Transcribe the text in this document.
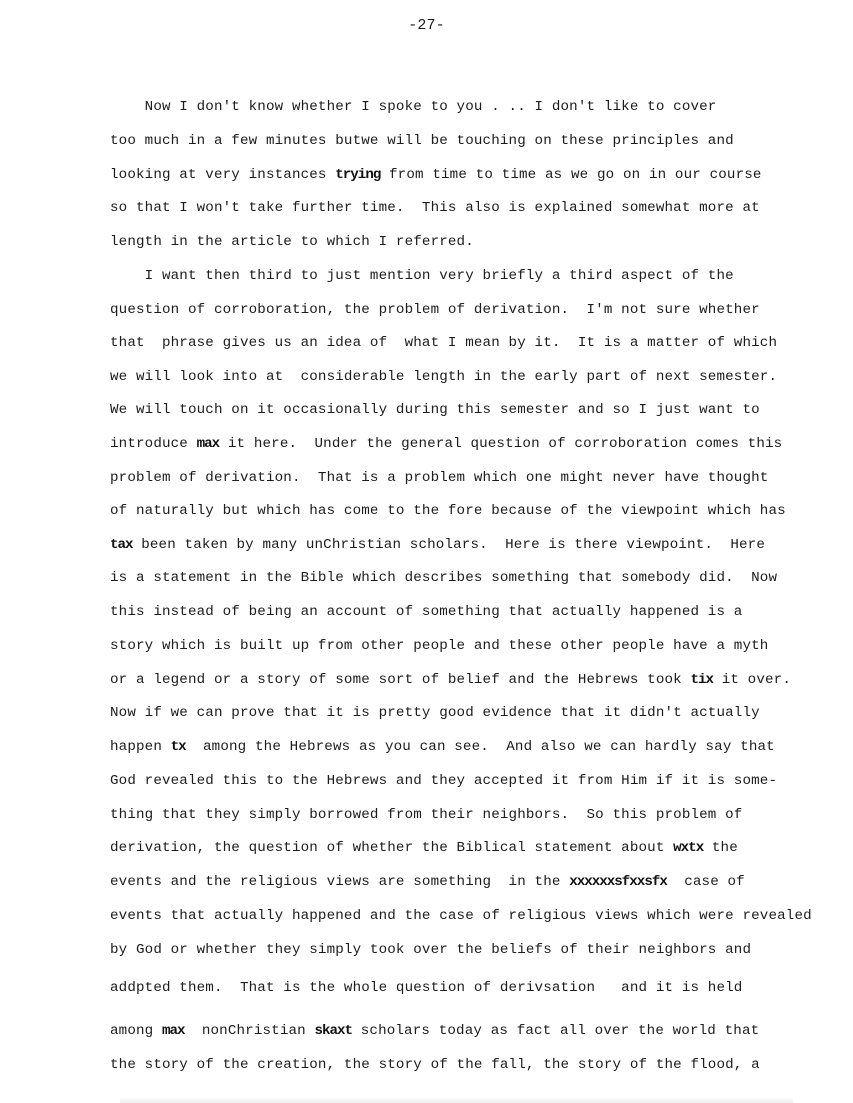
-27-
Now I don't know whether I spoke to you . .. I don't like to cover
too much in a few minutes butwe will be touching on these principles and
looking at very instances trying from time to time as we go on in our course
so that I won't take further time.  This also is explained somewhat more at
length in the article to which I referred.
I want then third to just mention very briefly a third aspect of the
question of corroboration, the problem of derivation.  I'm not sure whether
that  phrase gives us an idea of  what I mean by it.  It is a matter of which
we will look into at  considerable length in the early part of next semester.
We will touch on it occasionally during this semester and so I just want to
introduce max it here.  Under the general question of corroboration comes this
problem of derivation.  That is a problem which one might never have thought
of naturally but which has come to the fore because of the viewpoint which has
tax been taken by many unChristian scholars.  Here is there viewpoint.  Here
is a statement in the Bible which describes something that somebody did.  Now
this instead of being an account of something that actually happened is a
story which is built up from other people and these other people have a myth
or a legend or a story of some sort of belief and the Hebrews took tix it over.
Now if we can prove that it is pretty good evidence that it didn't actually
happen tx  among the Hebrews as you can see.  And also we can hardly say that
God revealed this to the Hebrews and they accepted it from Him if it is some-
thing that they simply borrowed from their neighbors.  So this problem of
derivation, the question of whether the Biblical statement about wxtx the
events and the religious views are something  in the xxxxxxsfxxsfx  case of
events that actually happened and the case of religious views which were revealed
by God or whether they simply took over the beliefs of their neighbors and
addpted them.  That is the whole question of derivsation   and it is held
among max  nonChristian skaxt scholars today as fact all over the world that
the story of the creation, the story of the fall, the story of the flood, a
